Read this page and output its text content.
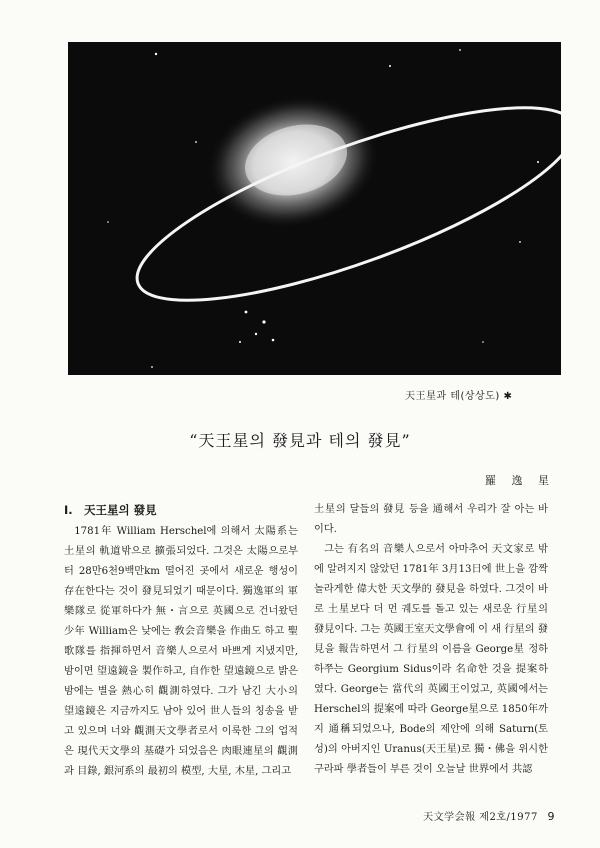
天王星과 테(상상도) ✱
“天王星의 發見과 테의 發見”
羅 逸 星
Ⅰ. 天王星의 發見

1781年 William Herschel에 의해서 太陽系는 土星의 軌道밖으로 擴張되었다. 그것은 太陽으로부터 28만6천9백만km 떨어진 곳에서 새로운 행성이 存在한다는 것이 發見되었기 때문이다. 獨逸軍의 軍樂隊로 從軍하다가 無・言으로 英國으로 건너왔던 少年 William은 낮에는 敎会音樂을 作曲도 하고 聖歌隊를 指揮하면서 音樂人으로서 바쁘게 지냈지만, 밤이면 望遠鏡을 製作하고, 自作한 望遠鏡으로 밝은 밤에는 별을 熱心히 觀測하였다. 그가 남긴 大小의 望遠鏡은 지금까지도 남아 있어 世人들의 칭송을 받고 있으며 너와 觀測天文學者로서 이룩한 그의 업적은 現代天文學의 基礎가 되었음은 肉眼連星의 觀測과 目錄, 銀河系의 最初의 模型, 大星, 木星, 그리고

土星의 달들의 發見 등을 通해서 우리가 잘 아는 바이다.

그는 有名의 音樂人으로서 아마추어 天文家로 밖에 알려지지 않았던 1781年 3月13日에 世上을 깜짝 놀라게한 偉大한 天文學的 發見을 하였다. 그것이 바로 土星보다 더 먼 궤도를 돌고 있는 새로운 行星의 發見이다. 그는 英國王室天文學會에 이 새 行星의 發見을 報告하면서 그 行星의 이름을 George星 정하하쭈는 Georgium Sidus이라 名命한 것을 提案하였다. George는 當代의 英國王이었고, 英國에서는 Herschel의 提案에 따라 George星으로 1850年까지 通稱되었으나, Bode의 제안에 의해 Saturn(토성)의 아버지인 Uranus(天王星)로 獨・佛을 위시한 구라파 學者들이 부른 것이 오늘날 世界에서 共認

天文学会報 제2호/1977 9
